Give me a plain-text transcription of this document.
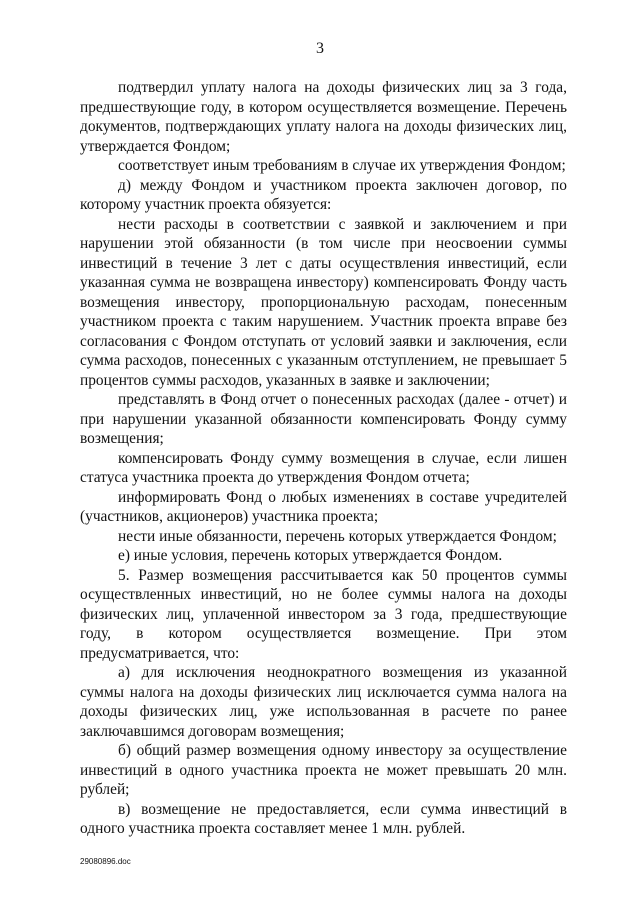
3

подтвердил уплату налога на доходы физических лиц за 3 года, предшествующие году, в котором осуществляется возмещение. Перечень документов, подтверждающих уплату налога на доходы физических лиц, утверждается Фондом;

соответствует иным требованиям в случае их утверждения Фондом;

д) между Фондом и участником проекта заключен договор, по которому участник проекта обязуется:

нести расходы в соответствии с заявкой и заключением и при нарушении этой обязанности (в том числе при неосвоении суммы инвестиций в течение 3 лет с даты осуществления инвестиций, если указанная сумма не возвращена инвестору) компенсировать Фонду часть возмещения инвестору, пропорциональную расходам, понесенным участником проекта с таким нарушением. Участник проекта вправе без согласования с Фондом отступать от условий заявки и заключения, если сумма расходов, понесенных с указанным отступлением, не превышает 5 процентов суммы расходов, указанных в заявке и заключении;

представлять в Фонд отчет о понесенных расходах (далее - отчет) и при нарушении указанной обязанности компенсировать Фонду сумму возмещения;

компенсировать Фонду сумму возмещения в случае, если лишен статуса участника проекта до утверждения Фондом отчета;

информировать Фонд о любых изменениях в составе учредителей (участников, акционеров) участника проекта;

нести иные обязанности, перечень которых утверждается Фондом;

е) иные условия, перечень которых утверждается Фондом.

5. Размер возмещения рассчитывается как 50 процентов суммы осуществленных инвестиций, но не более суммы налога на доходы физических лиц, уплаченной инвестором за 3 года, предшествующие году, в котором осуществляется возмещение. При этом предусматривается, что:

а) для исключения неоднократного возмещения из указанной суммы налога на доходы физических лиц исключается сумма налога на доходы физических лиц, уже использованная в расчете по ранее заключавшимся договорам возмещения;

б) общий размер возмещения одному инвестору за осуществление инвестиций в одного участника проекта не может превышать 20 млн. рублей;

в) возмещение не предоставляется, если сумма инвестиций в одного участника проекта составляет менее 1 млн. рублей.

29080896.doc
